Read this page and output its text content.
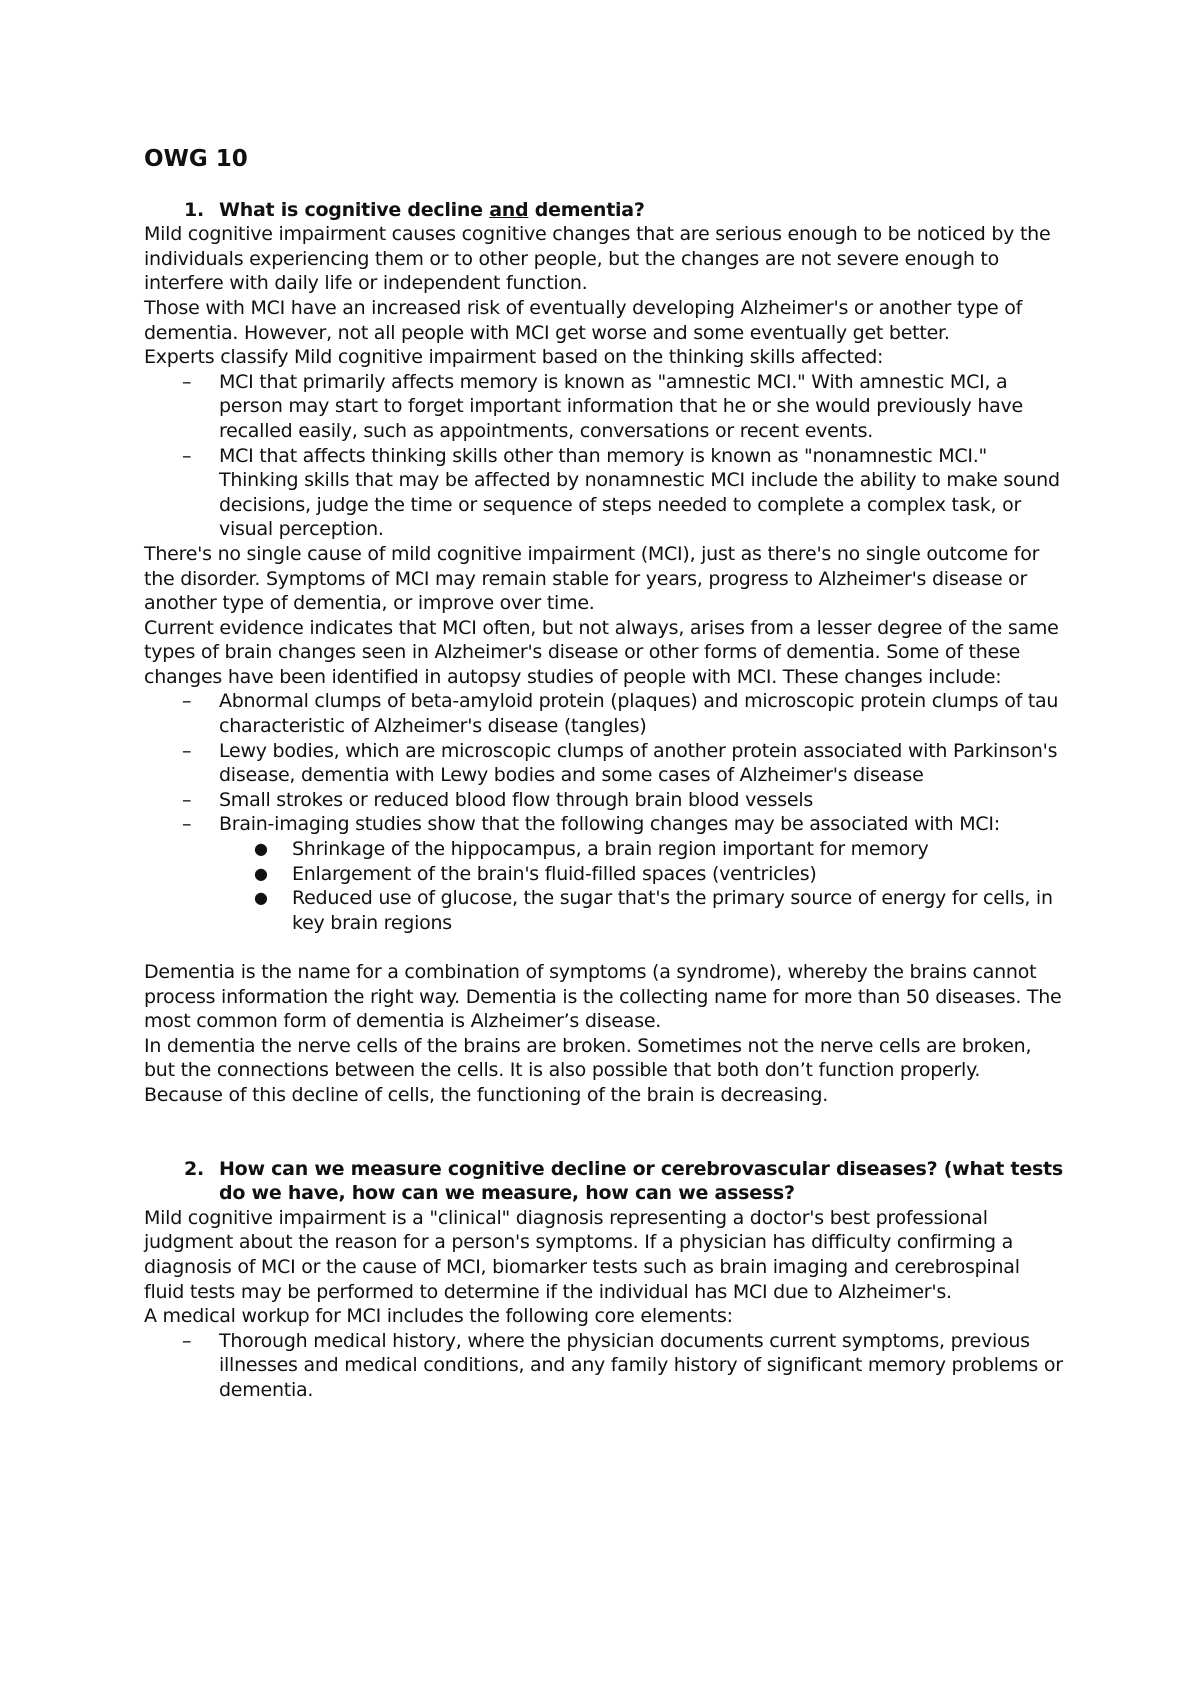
OWG 10
1. What is cognitive decline and dementia?

Mild cognitive impairment causes cognitive changes that are serious enough to be noticed by the individuals experiencing them or to other people, but the changes are not severe enough to interfere with daily life or independent function.

Those with MCI have an increased risk of eventually developing Alzheimer's or another type of dementia. However, not all people with MCI get worse and some eventually get better.

Experts classify Mild cognitive impairment based on the thinking skills affected:

– MCI that primarily affects memory is known as "amnestic MCI." With amnestic MCI, a person may start to forget important information that he or she would previously have recalled easily, such as appointments, conversations or recent events.
– MCI that affects thinking skills other than memory is known as "nonamnestic MCI." Thinking skills that may be affected by nonamnestic MCI include the ability to make sound decisions, judge the time or sequence of steps needed to complete a complex task, or visual perception.

There's no single cause of mild cognitive impairment (MCI), just as there's no single outcome for the disorder. Symptoms of MCI may remain stable for years, progress to Alzheimer's disease or another type of dementia, or improve over time.

Current evidence indicates that MCI often, but not always, arises from a lesser degree of the same types of brain changes seen in Alzheimer's disease or other forms of dementia. Some of these changes have been identified in autopsy studies of people with MCI. These changes include:

– Abnormal clumps of beta-amyloid protein (plaques) and microscopic protein clumps of tau characteristic of Alzheimer's disease (tangles)
– Lewy bodies, which are microscopic clumps of another protein associated with Parkinson's disease, dementia with Lewy bodies and some cases of Alzheimer's disease
– Small strokes or reduced blood flow through brain blood vessels
– Brain-imaging studies show that the following changes may be associated with MCI:
● Shrinkage of the hippocampus, a brain region important for memory
● Enlargement of the brain's fluid-filled spaces (ventricles)
● Reduced use of glucose, the sugar that's the primary source of energy for cells, in key brain regions

Dementia is the name for a combination of symptoms (a syndrome), whereby the brains cannot process information the right way. Dementia is the collecting name for more than 50 diseases. The most common form of dementia is Alzheimer’s disease.

In dementia the nerve cells of the brains are broken. Sometimes not the nerve cells are broken, but the connections between the cells. It is also possible that both don’t function properly. Because of this decline of cells, the functioning of the brain is decreasing.

2. How can we measure cognitive decline or cerebrovascular diseases? (what tests do we have, how can we measure, how can we assess?

Mild cognitive impairment is a "clinical" diagnosis representing a doctor's best professional judgment about the reason for a person's symptoms. If a physician has difficulty confirming a diagnosis of MCI or the cause of MCI, biomarker tests such as brain imaging and cerebrospinal fluid tests may be performed to determine if the individual has MCI due to Alzheimer's.

A medical workup for MCI includes the following core elements:

– Thorough medical history, where the physician documents current symptoms, previous illnesses and medical conditions, and any family history of significant memory problems or dementia.
